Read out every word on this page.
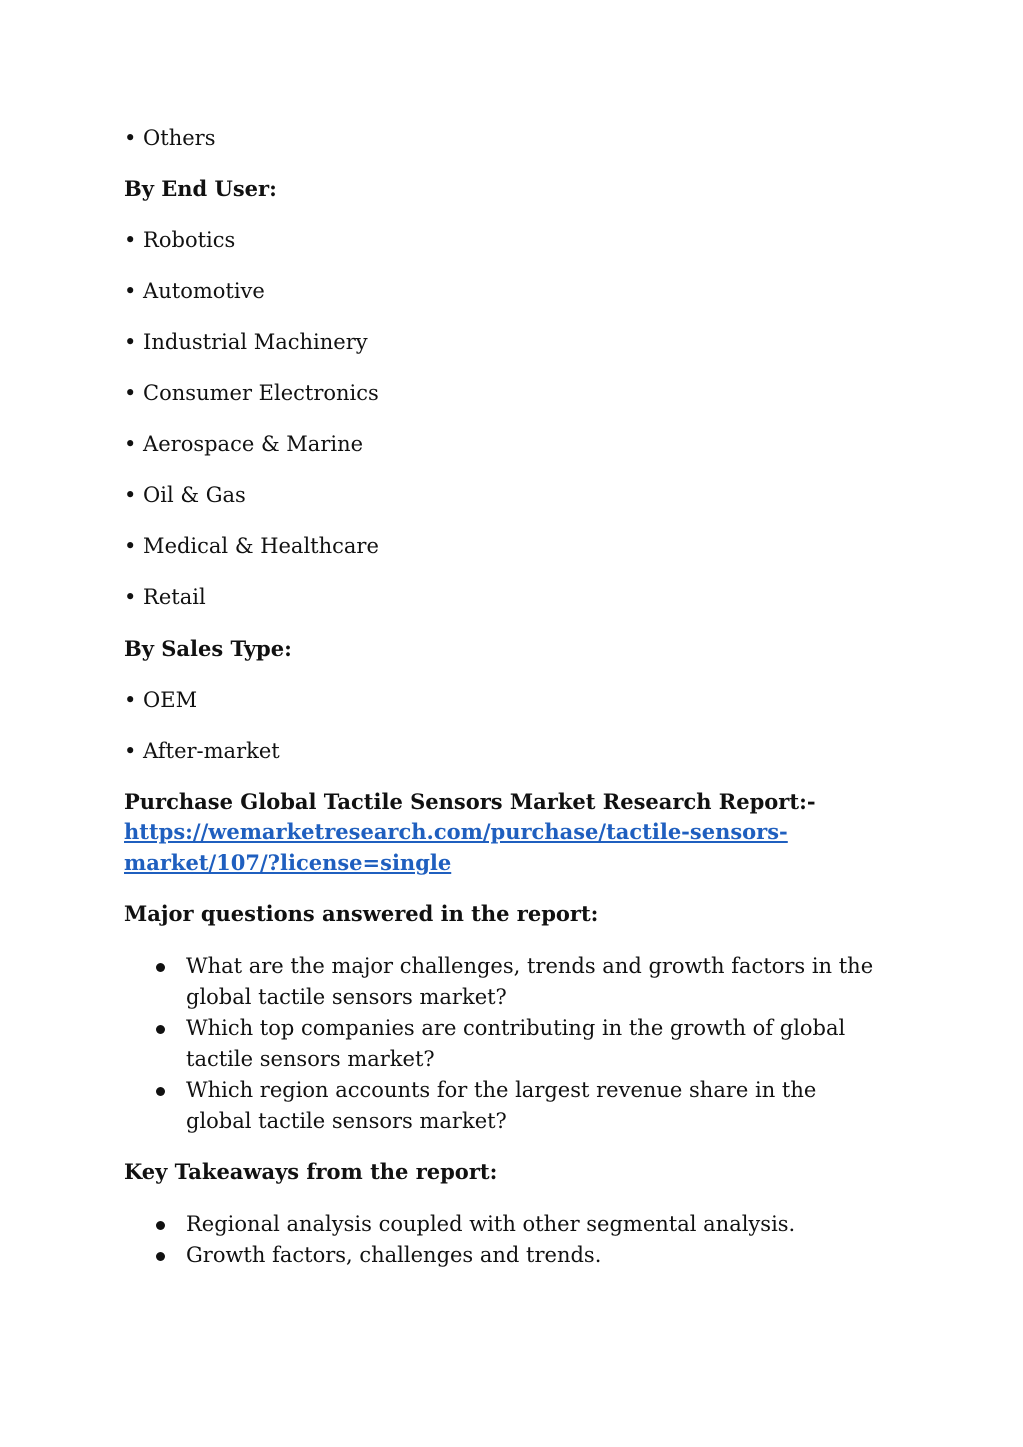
• Others
By End User:
• Robotics
• Automotive
• Industrial Machinery
• Consumer Electronics
• Aerospace & Marine
• Oil & Gas
• Medical & Healthcare
• Retail
By Sales Type:
• OEM
• After-market
Purchase Global Tactile Sensors Market Research Report:-
https://wemarketresearch.com/purchase/tactile-sensors-
market/107/?license=single
Major questions answered in the report:
What are the major challenges, trends and growth factors in the global tactile sensors market?
Which top companies are contributing in the growth of global tactile sensors market?
Which region accounts for the largest revenue share in the global tactile sensors market?
Key Takeaways from the report:
Regional analysis coupled with other segmental analysis.
Growth factors, challenges and trends.
